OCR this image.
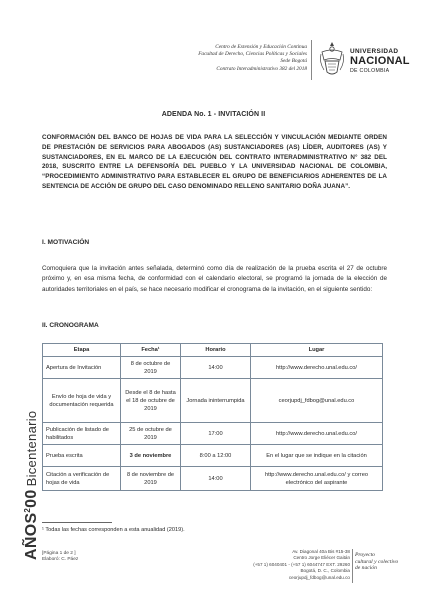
Centro de Extensión y Educación Continua
Facultad de Derecho, Ciencias Políticas y Sociales
Sede Bogotá
Contrato Interadministrativo 382 del 2018
UNIVERSIDAD
NACIONAL
DE COLOMBIA
ADENDA No. 1 - INVITACIÓN II
CONFORMACIÓN DEL BANCO DE HOJAS DE VIDA PARA LA SELECCIÓN Y VINCULACIÓN MEDIANTE ORDEN DE PRESTACIÓN DE SERVICIOS PARA ABOGADOS (AS) SUSTANCIADORES (AS) LÍDER, AUDITORES (AS) Y SUSTANCIADORES, EN EL MARCO DE LA EJECUCIÓN DEL CONTRATO INTERADMINISTRATIVO N° 382 DEL 2018, SUSCRITO ENTRE LA DEFENSORÍA DEL PUEBLO Y LA UNIVERSIDAD NACIONAL DE COLOMBIA, “PROCEDIMIENTO ADMINISTRATIVO PARA ESTABLECER EL GRUPO DE BENEFICIARIOS ADHERENTES DE LA SENTENCIA DE ACCIÓN DE GRUPO DEL CASO DENOMINADO RELLENO SANITARIO DOÑA JUANA”.
I. MOTIVACIÓN
Comoquiera que la invitación antes señalada, determinó como día de realización de la prueba escrita el 27 de octubre próximo y, en esa misma fecha, de conformidad con el calendario electoral, se programó la jornada de la elección de autoridades territoriales en el país, se hace necesario modificar el cronograma de la invitación, en el siguiente sentido:
II. CRONOGRAMA
Etapa	Fecha¹	Horario	Lugar
Apertura de Invitación	8 de octubre de 2019	14:00	http://www.derecho.unal.edu.co/
Envío de hoja de vida y documentación requerida	Desde el 8 de hasta el 18 de octubre de 2019	Jornada ininterrumpida	ceorjupdj_fdbog@unal.edu.co
Publicación de listado de habilitados	25 de octubre de 2019	17:00	http://www.derecho.unal.edu.co/
Prueba escrita	3 de noviembre	8:00 a 12:00	En el lugar que se indique en la citación
Citación a verificación de hojas de vida	8 de noviembre de 2019	14:00	http://www.derecho.unal.edu.co/ y correo electrónico del aspirante
¹ Todas las fechas corresponden a esta anualidad (2019).
AÑOS$^2$00Bicentenario
[Página 1 de 2 ]
Elaboró: C. Páez
Av. Diagonal 40a Bis #15-38
Centro Jorge Eliécer Gaitán
(+57 1) 6040401 - (+57 1) 6044747 EXT. 29260
Bogotá, D. C., Colombia
ceorjupdj_fdbog@unal.edu.co
Proyecto
cultural y colectivo
de nación
